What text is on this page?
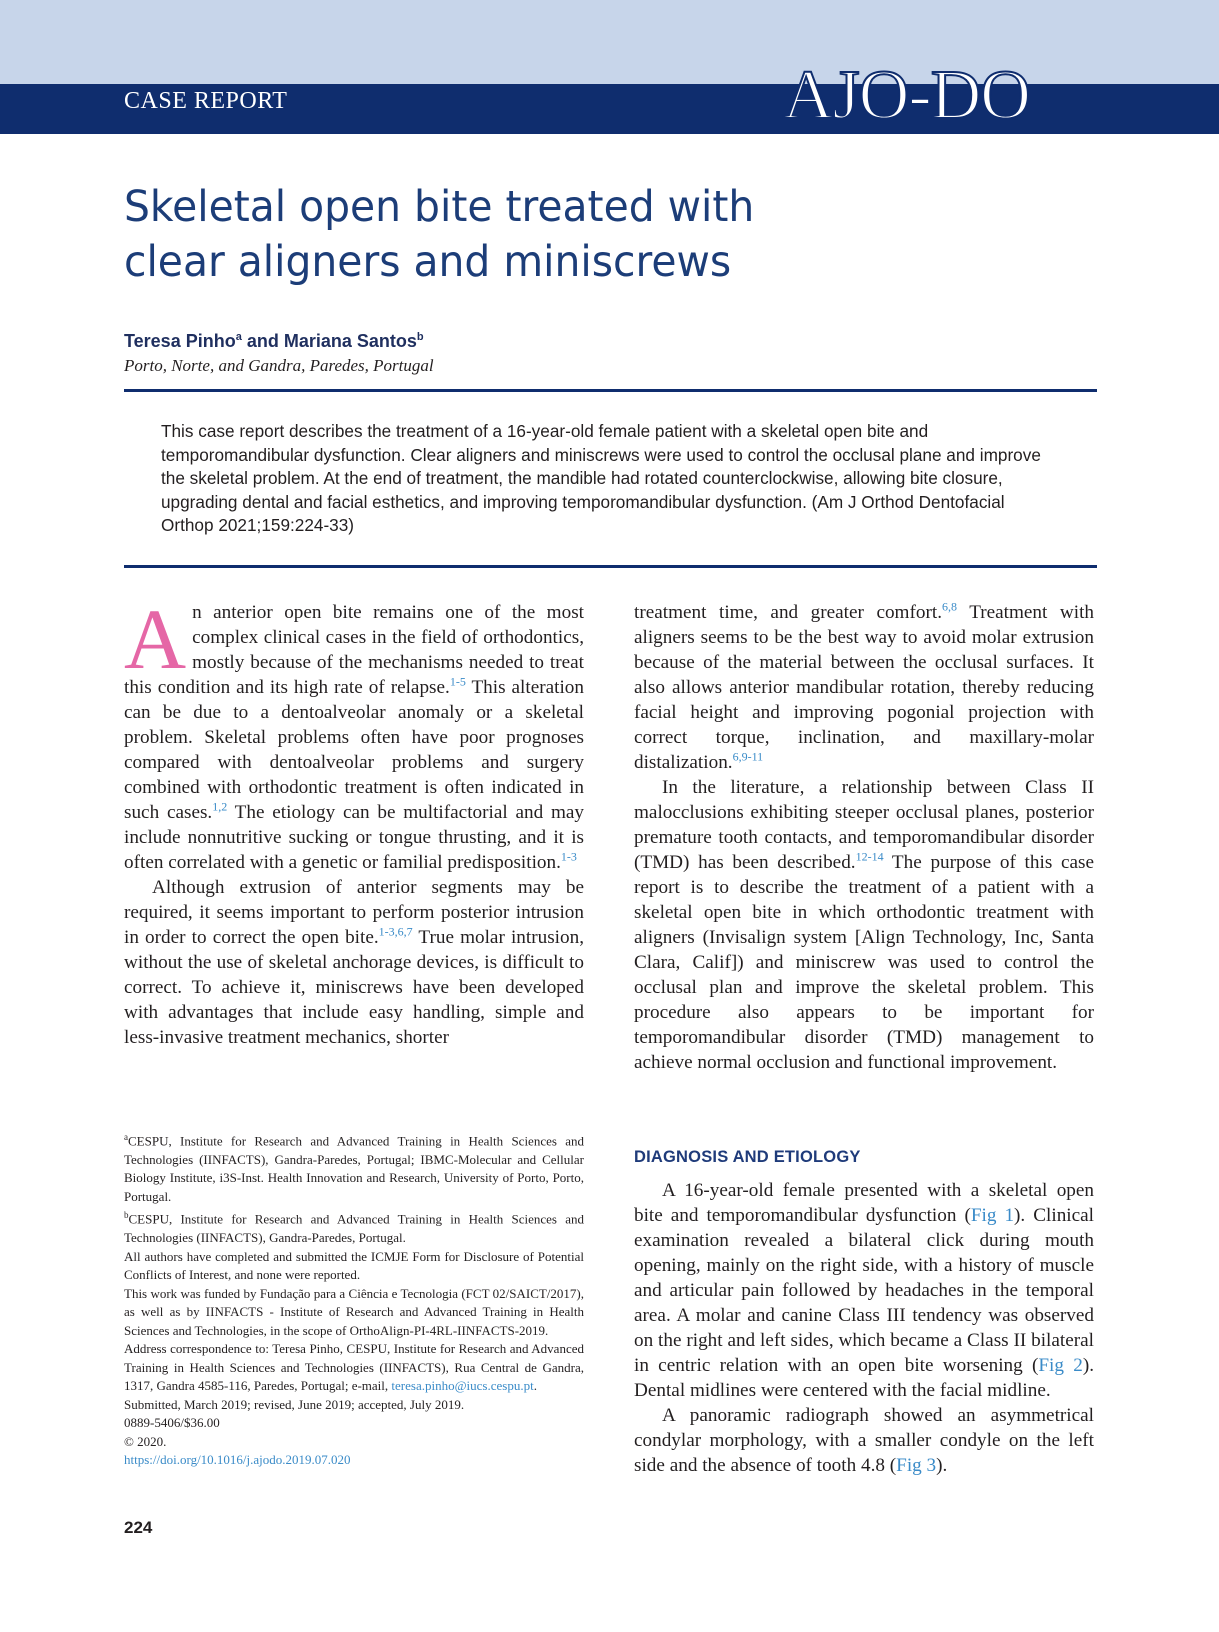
CASE REPORT	AJO-DO
Skeletal open bite treated with clear aligners and miniscrews
Teresa Pinho$^a$ and Mariana Santos$^b$
Porto, Norte, and Gandra, Paredes, Portugal

This case report describes the treatment of a 16-year-old female patient with a skeletal open bite and temporomandibular dysfunction. Clear aligners and miniscrews were used to control the occlusal plane and improve the skeletal problem. At the end of treatment, the mandible had rotated counterclockwise, allowing bite closure, upgrading dental and facial esthetics, and improving temporomandibular dysfunction. (Am J Orthod Dentofacial Orthop 2021;159:224-33)

An anterior open bite remains one of the most complex clinical cases in the field of orthodontics, mostly because of the mechanisms needed to treat this condition and its high rate of relapse.$^{1-5}$ This alteration can be due to a dentoalveolar anomaly or a skeletal problem. Skeletal problems often have poor prognoses compared with dentoalveolar problems and surgery combined with orthodontic treatment is often indicated in such cases.$^{1,2}$ The etiology can be multifactorial and may include nonnutritive sucking or tongue thrusting, and it is often correlated with a genetic or familial predisposition.$^{1-3}$

Although extrusion of anterior segments may be required, it seems important to perform posterior intrusion in order to correct the open bite.$^{1-3,6,7}$ True molar intrusion, without the use of skeletal anchorage devices, is difficult to correct. To achieve it, miniscrews have been developed with advantages that include easy handling, simple and less-invasive treatment mechanics, shorter

treatment time, and greater comfort.$^{6,8}$ Treatment with aligners seems to be the best way to avoid molar extrusion because of the material between the occlusal surfaces. It also allows anterior mandibular rotation, thereby reducing facial height and improving pogonial projection with correct torque, inclination, and maxillary-molar distalization.$^{6,9-11}$

In the literature, a relationship between Class II malocclusions exhibiting steeper occlusal planes, posterior premature tooth contacts, and temporomandibular disorder (TMD) has been described.$^{12-14}$ The purpose of this case report is to describe the treatment of a patient with a skeletal open bite in which orthodontic treatment with aligners (Invisalign system [Align Technology, Inc, Santa Clara, Calif]) and miniscrew was used to control the occlusal plan and improve the skeletal problem. This procedure also appears to be important for temporomandibular disorder (TMD) management to achieve normal occlusion and functional improvement.

$^a$CESPU, Institute for Research and Advanced Training in Health Sciences and Technologies (IINFACTS), Gandra-Paredes, Portugal; IBMC-Molecular and Cellular Biology Institute, i3S-Inst. Health Innovation and Research, University of Porto, Porto, Portugal.

$^b$CESPU, Institute for Research and Advanced Training in Health Sciences and Technologies (IINFACTS), Gandra-Paredes, Portugal.

All authors have completed and submitted the ICMJE Form for Disclosure of Potential Conflicts of Interest, and none were reported.

This work was funded by Fundação para a Ciência e Tecnologia (FCT 02/SAICT/2017), as well as by IINFACTS - Institute of Research and Advanced Training in Health Sciences and Technologies, in the scope of OrthoAlign-PI-4RL-IINFACTS-2019.

Address correspondence to: Teresa Pinho, CESPU, Institute for Research and Advanced Training in Health Sciences and Technologies (IINFACTS), Rua Central de Gandra, 1317, Gandra 4585-116, Paredes, Portugal; e-mail, teresa.pinho@iucs.cespu.pt.

Submitted, March 2019; revised, June 2019; accepted, July 2019.

0889-5406/$36.00

© 2020.

https://doi.org/10.1016/j.ajodo.2019.07.020

DIAGNOSIS AND ETIOLOGY

A 16-year-old female presented with a skeletal open bite and temporomandibular dysfunction (Fig 1). Clinical examination revealed a bilateral click during mouth opening, mainly on the right side, with a history of muscle and articular pain followed by headaches in the temporal area. A molar and canine Class III tendency was observed on the right and left sides, which became a Class II bilateral in centric relation with an open bite worsening (Fig 2). Dental midlines were centered with the facial midline.

A panoramic radiograph showed an asymmetrical condylar morphology, with a smaller condyle on the left side and the absence of tooth 4.8 (Fig 3).

224
